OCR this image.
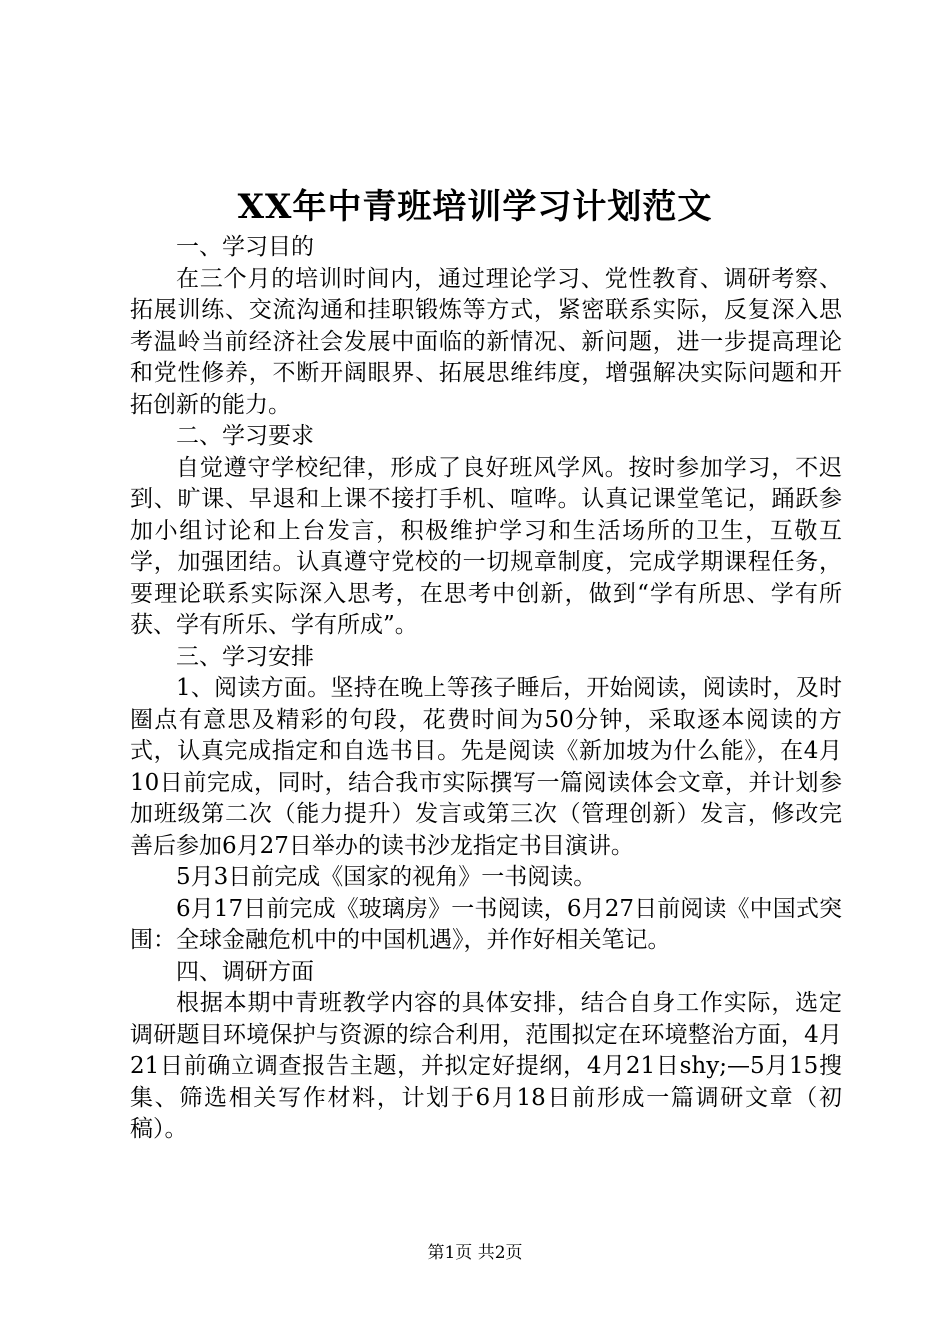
XX年中青班培训学习计划范文

一、学习目的

在三个月的培训时间内，通过理论学习、党性教育、调研考察、拓展训练、交流沟通和挂职锻炼等方式，紧密联系实际，反复深入思考温岭当前经济社会发展中面临的新情况、新问题，进一步提高理论和党性修养，不断开阔眼界、拓展思维纬度，增强解决实际问题和开拓创新的能力。

二、学习要求

自觉遵守学校纪律，形成了良好班风学风。按时参加学习，不迟到、旷课、早退和上课不接打手机、喧哗。认真记课堂笔记，踊跃参加小组讨论和上台发言，积极维护学习和生活场所的卫生，互敬互学，加强团结。认真遵守党校的一切规章制度，完成学期课程任务，要理论联系实际深入思考，在思考中创新，做到“学有所思、学有所获、学有所乐、学有所成”。

三、学习安排

1、阅读方面。坚持在晚上等孩子睡后，开始阅读，阅读时，及时圈点有意思及精彩的句段，花费时间为50分钟，采取逐本阅读的方式，认真完成指定和自选书目。先是阅读《新加坡为什么能》，在4月10日前完成，同时，结合我市实际撰写一篇阅读体会文章，并计划参加班级第二次（能力提升）发言或第三次（管理创新）发言，修改完善后参加6月27日举办的读书沙龙指定书目演讲。

5月3日前完成《国家的视角》一书阅读。

6月17日前完成《玻璃房》一书阅读，6月27日前阅读《中国式突围：全球金融危机中的中国机遇》，并作好相关笔记。

四、调研方面

根据本期中青班教学内容的具体安排，结合自身工作实际，选定调研题目环境保护与资源的综合利用，范围拟定在环境整治方面，4月21日前确立调查报告主题，并拟定好提纲，4月21日shy;—5月15搜集、筛选相关写作材料，计划于6月18日前形成一篇调研文章（初稿）。

第1页 共2页
